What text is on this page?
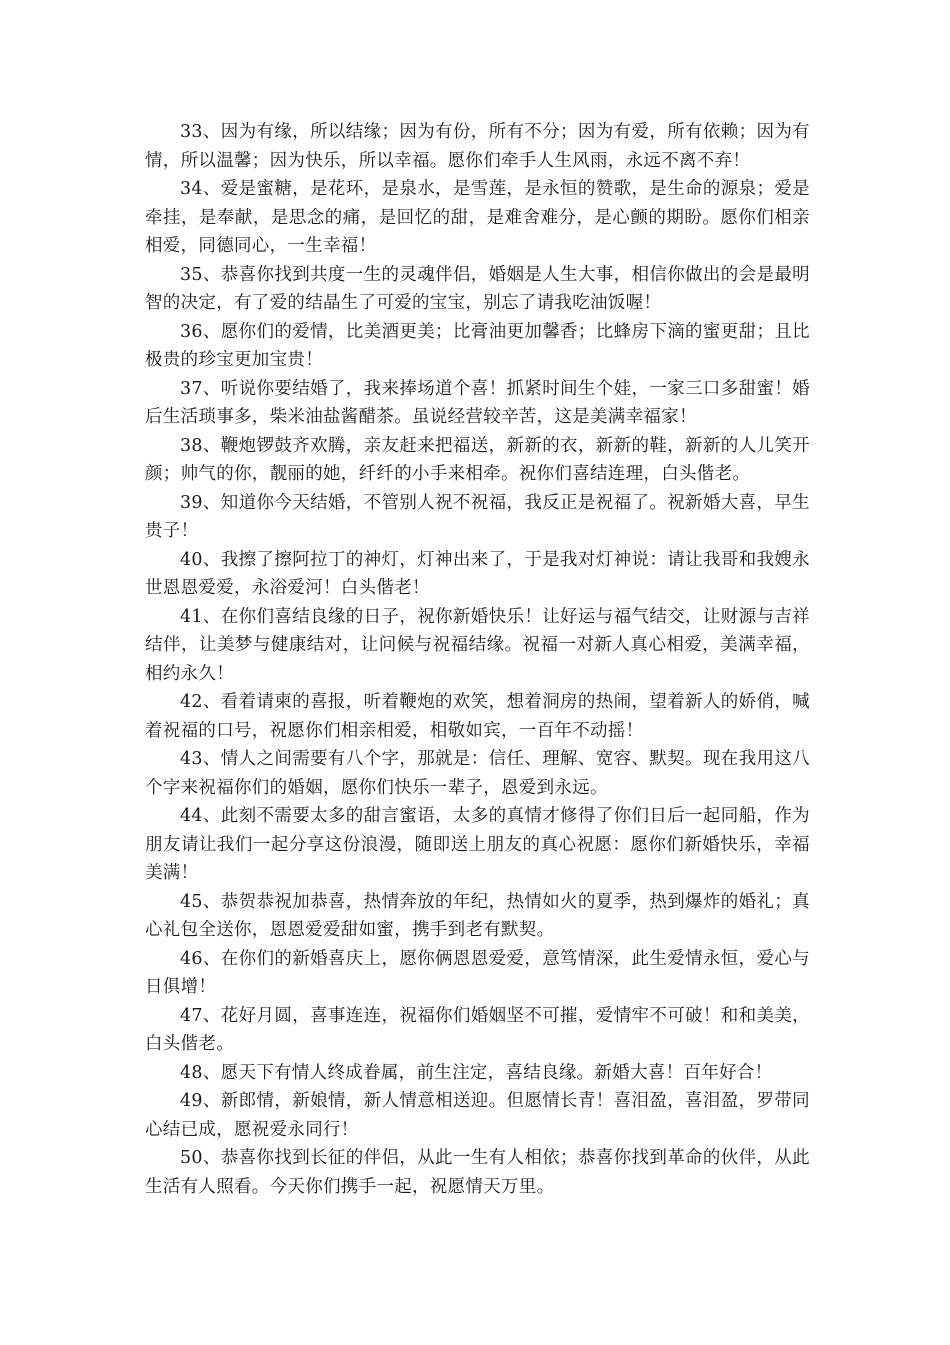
33、因为有缘，所以结缘；因为有份，所有不分；因为有爱，所有依赖；因为有情，所以温馨；因为快乐，所以幸福。愿你们牵手人生风雨，永远不离不弃！

34、爱是蜜糖，是花环，是泉水，是雪莲，是永恒的赞歌，是生命的源泉；爱是牵挂，是奉献，是思念的痛，是回忆的甜，是难舍难分，是心颤的期盼。愿你们相亲相爱，同德同心，一生幸福！

35、恭喜你找到共度一生的灵魂伴侣，婚姻是人生大事，相信你做出的会是最明智的决定，有了爱的结晶生了可爱的宝宝，别忘了请我吃油饭喔！

36、愿你们的爱情，比美酒更美；比膏油更加馨香；比蜂房下滴的蜜更甜；且比极贵的珍宝更加宝贵！

37、听说你要结婚了，我来捧场道个喜！抓紧时间生个娃，一家三口多甜蜜！婚后生活琐事多，柴米油盐酱醋茶。虽说经营较辛苦，这是美满幸福家！

38、鞭炮锣鼓齐欢腾，亲友赶来把福送，新新的衣，新新的鞋，新新的人儿笑开颜；帅气的你，靓丽的她，纤纤的小手来相牵。祝你们喜结连理，白头偕老。

39、知道你今天结婚，不管别人祝不祝福，我反正是祝福了。祝新婚大喜，早生贵子！

40、我擦了擦阿拉丁的神灯，灯神出来了，于是我对灯神说：请让我哥和我嫂永世恩恩爱爱，永浴爱河！白头偕老！

41、在你们喜结良缘的日子，祝你新婚快乐！让好运与福气结交，让财源与吉祥结伴，让美梦与健康结对，让问候与祝福结缘。祝福一对新人真心相爱，美满幸福，相约永久！

42、看着请柬的喜报，听着鞭炮的欢笑，想着洞房的热闹，望着新人的娇俏，喊着祝福的口号，祝愿你们相亲相爱，相敬如宾，一百年不动摇！

43、情人之间需要有八个字，那就是：信任、理解、宽容、默契。现在我用这八个字来祝福你们的婚姻，愿你们快乐一辈子，恩爱到永远。

44、此刻不需要太多的甜言蜜语，太多的真情才修得了你们日后一起同船，作为朋友请让我们一起分享这份浪漫，随即送上朋友的真心祝愿：愿你们新婚快乐，幸福美满！

45、恭贺恭祝加恭喜，热情奔放的年纪，热情如火的夏季，热到爆炸的婚礼；真心礼包全送你，恩恩爱爱甜如蜜，携手到老有默契。

46、在你们的新婚喜庆上，愿你俩恩恩爱爱，意笃情深，此生爱情永恒，爱心与日俱增！

47、花好月圆，喜事连连，祝福你们婚姻坚不可摧，爱情牢不可破！和和美美，白头偕老。

48、愿天下有情人终成眷属，前生注定，喜结良缘。新婚大喜！百年好合！

49、新郎情，新娘情，新人情意相送迎。但愿情长青！喜泪盈，喜泪盈，罗带同心结已成，愿祝爱永同行！

50、恭喜你找到长征的伴侣，从此一生有人相依；恭喜你找到革命的伙伴，从此生活有人照看。今天你们携手一起，祝愿情天万里。
